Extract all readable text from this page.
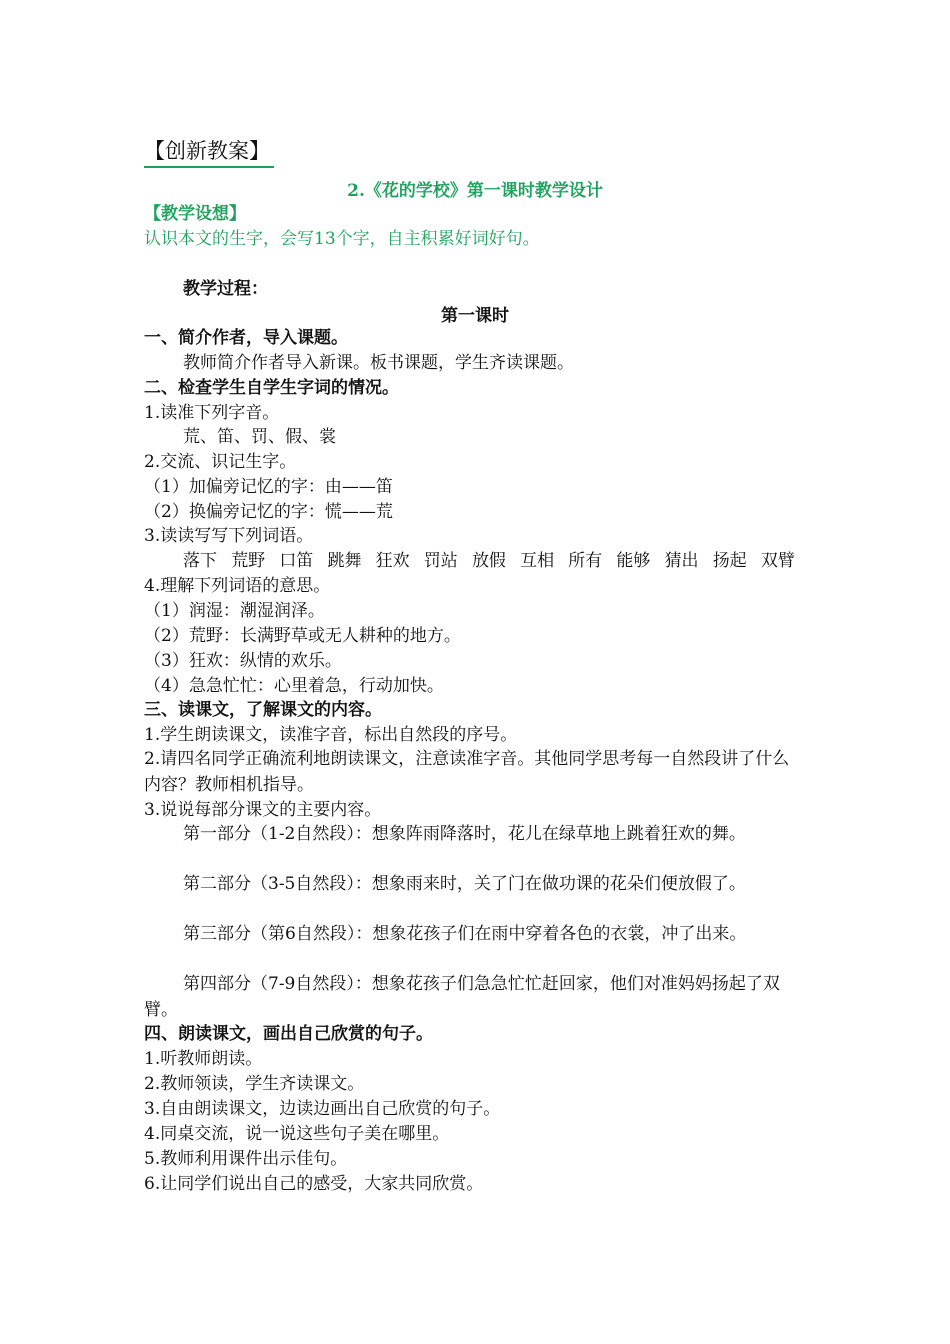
【创新教案】
2.《花的学校》第一课时教学设计
【教学设想】
认识本文的生字，会写13个字，自主积累好词好句。
教学过程：
第一课时
一、简介作者，导入课题。
教师简介作者导入新课。板书课题，学生齐读课题。
二、检查学生自学生字词的情况。
1.读准下列字音。
荒、笛、罚、假、裳
2.交流、识记生字。
（1）加偏旁记忆的字：由——笛
（2）换偏旁记忆的字：慌——荒
3.读读写写下列词语。
落下 荒野 口笛 跳舞 狂欢 罚站 放假 互相 所有 能够 猜出 扬起 双臂
4.理解下列词语的意思。
（1）润湿：潮湿润泽。
（2）荒野：长满野草或无人耕种的地方。
（3）狂欢：纵情的欢乐。
（4）急急忙忙：心里着急，行动加快。
三、读课文，了解课文的内容。
1.学生朗读课文，读准字音，标出自然段的序号。
2.请四名同学正确流利地朗读课文，注意读准字音。其他同学思考每一自然段讲了什么内容？教师相机指导。
3.说说每部分课文的主要内容。
第一部分（1-2自然段）：想象阵雨降落时，花儿在绿草地上跳着狂欢的舞。
第二部分（3-5自然段）：想象雨来时，关了门在做功课的花朵们便放假了。
第三部分（第6自然段）：想象花孩子们在雨中穿着各色的衣裳，冲了出来。
第四部分（7-9自然段）：想象花孩子们急急忙忙赶回家，他们对准妈妈扬起了双臂。
四、朗读课文，画出自己欣赏的句子。
1.听教师朗读。
2.教师领读，学生齐读课文。
3.自由朗读课文，边读边画出自己欣赏的句子。
4.同桌交流，说一说这些句子美在哪里。
5.教师利用课件出示佳句。
6.让同学们说出自己的感受，大家共同欣赏。
